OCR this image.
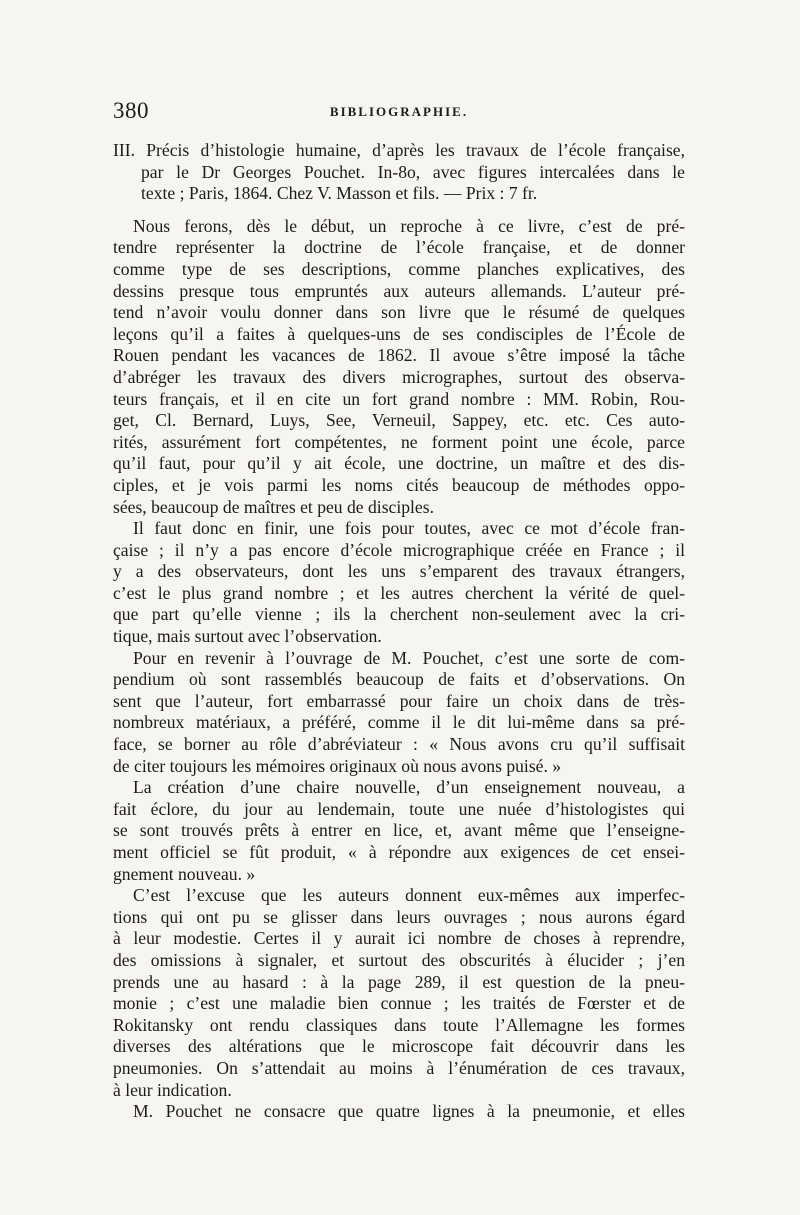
380	BIBLIOGRAPHIE.
III. Précis d’histologie humaine, d’après les travaux de l’école française,
par le Dr Georges Pouchet. In-8o, avec figures intercalées dans le
texte ; Paris, 1864. Chez V. Masson et fils. — Prix : 7 fr.
Nous ferons, dès le début, un reproche à ce livre, c’est de pré-
tendre représenter la doctrine de l’école française, et de donner
comme type de ses descriptions, comme planches explicatives, des
dessins presque tous empruntés aux auteurs allemands. L’auteur pré-
tend n’avoir voulu donner dans son livre que le résumé de quelques
leçons qu’il a faites à quelques-uns de ses condisciples de l’École de
Rouen pendant les vacances de 1862. Il avoue s’être imposé la tâche
d’abréger les travaux des divers micrographes, surtout des observa-
teurs français, et il en cite un fort grand nombre : MM. Robin, Rou-
get, Cl. Bernard, Luys, See, Verneuil, Sappey, etc. etc. Ces auto-
rités, assurément fort compétentes, ne forment point une école, parce
qu’il faut, pour qu’il y ait école, une doctrine, un maître et des dis-
ciples, et je vois parmi les noms cités beaucoup de méthodes oppo-
sées, beaucoup de maîtres et peu de disciples.
Il faut donc en finir, une fois pour toutes, avec ce mot d’école fran-
çaise ; il n’y a pas encore d’école micrographique créée en France ; il
y a des observateurs, dont les uns s’emparent des travaux étrangers,
c’est le plus grand nombre ; et les autres cherchent la vérité de quel-
que part qu’elle vienne ; ils la cherchent non-seulement avec la cri-
tique, mais surtout avec l’observation.
Pour en revenir à l’ouvrage de M. Pouchet, c’est une sorte de com-
pendium où sont rassemblés beaucoup de faits et d’observations. On
sent que l’auteur, fort embarrassé pour faire un choix dans de très-
nombreux matériaux, a préféré, comme il le dit lui-même dans sa pré-
face, se borner au rôle d’abréviateur : « Nous avons cru qu’il suffisait
de citer toujours les mémoires originaux où nous avons puisé. »
La création d’une chaire nouvelle, d’un enseignement nouveau, a
fait éclore, du jour au lendemain, toute une nuée d’histologistes qui
se sont trouvés prêts à entrer en lice, et, avant même que l’enseigne-
ment officiel se fût produit, « à répondre aux exigences de cet ensei-
gnement nouveau. »
C’est l’excuse que les auteurs donnent eux-mêmes aux imperfec-
tions qui ont pu se glisser dans leurs ouvrages ; nous aurons égard
à leur modestie. Certes il y aurait ici nombre de choses à reprendre,
des omissions à signaler, et surtout des obscurités à élucider ; j’en
prends une au hasard : à la page 289, il est question de la pneu-
monie ; c’est une maladie bien connue ; les traités de Fœrster et de
Rokitansky ont rendu classiques dans toute l’Allemagne les formes
diverses des altérations que le microscope fait découvrir dans les
pneumonies. On s’attendait au moins à l’énumération de ces travaux,
à leur indication.
M. Pouchet ne consacre que quatre lignes à la pneumonie, et elles
